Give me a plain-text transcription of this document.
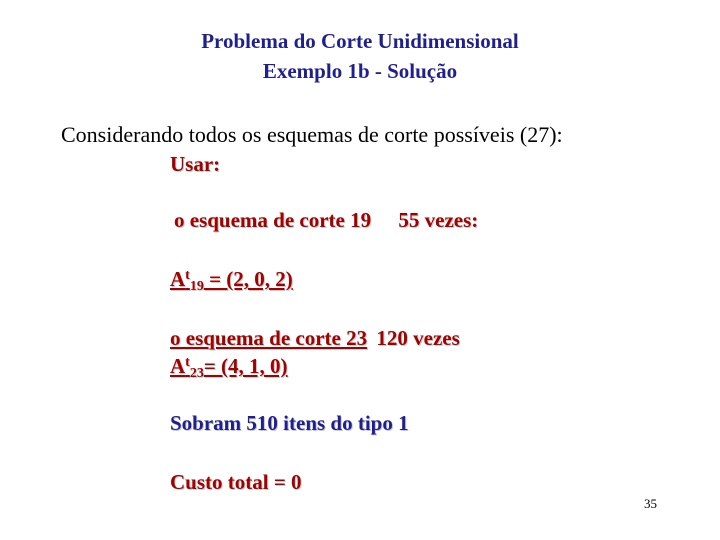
Problema do Corte Unidimensional
Exemplo 1b - Solução
Considerando todos os esquemas de corte possíveis (27):
Usar:
o esquema de corte 19 55 vezes:
$A^t_{19} = (2$, 0, 2)
o esquema de corte 23 120 vezes
$A^t_{23}= (4$, 1, 0)
Sobram 510 itens do tipo 1
Custo total = 0
35
